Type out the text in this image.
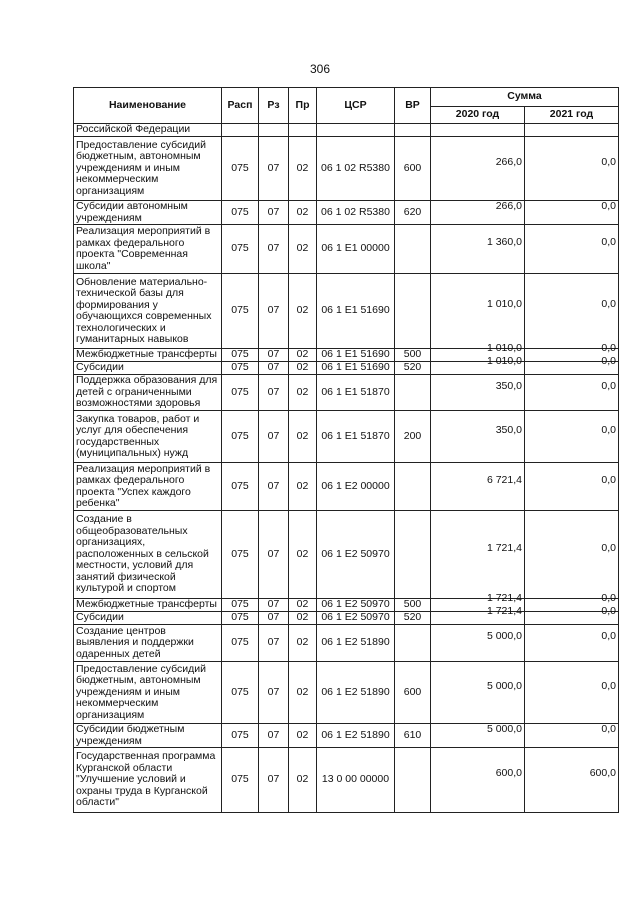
306
Наименование	Расп	Рз	Пр	ЦСР	ВР	Сумма	
						2020 год	2021 год
Российской Федерации							
Предоставление субсидий бюджетным, автономным учреждениям и иным некоммерческим организациям	075	07	02	06 1 02 R5380	600	266,0	0,0
Субсидии автономным учреждениям	075	07	02	06 1 02 R5380	620	266,0	0,0
Реализация мероприятий в рамках федерального проекта "Современная школа"	075	07	02	06 1 E1 00000		1 360,0	0,0
Обновление материально-технической базы для формирования у обучающихся современных технологических и гуманитарных навыков	075	07	02	06 1 E1 51690		1 010,0	0,0
Межбюджетные трансферты	075	07	02	06 1 E1 51690	500	1 010,0	0,0
Субсидии	075	07	02	06 1 E1 51690	520	1 010,0	0,0
Поддержка образования для детей с ограниченными возможностями здоровья	075	07	02	06 1 E1 51870		350,0	0,0
Закупка товаров, работ и услуг для обеспечения государственных (муниципальных) нужд	075	07	02	06 1 E1 51870	200	350,0	0,0
Реализация мероприятий в рамках федерального проекта "Успех каждого ребенка"	075	07	02	06 1 E2 00000		6 721,4	0,0
Создание в общеобразовательных организациях, расположенных в сельской местности, условий для занятий физической культурой и спортом	075	07	02	06 1 E2 50970		1 721,4	0,0
Межбюджетные трансферты	075	07	02	06 1 E2 50970	500	1 721,4	0,0
Субсидии	075	07	02	06 1 E2 50970	520	1 721,4	0,0
Создание центров выявления и поддержки одаренных детей	075	07	02	06 1 E2 51890		5 000,0	0,0
Предоставление субсидий бюджетным, автономным учреждениям и иным некоммерческим организациям	075	07	02	06 1 E2 51890	600	5 000,0	0,0
Субсидии бюджетным учреждениям	075	07	02	06 1 E2 51890	610	5 000,0	0,0
Государственная программа Курганской области "Улучшение условий и охраны труда в Курганской области"	075	07	02	13 0 00 00000		600,0	600,0
